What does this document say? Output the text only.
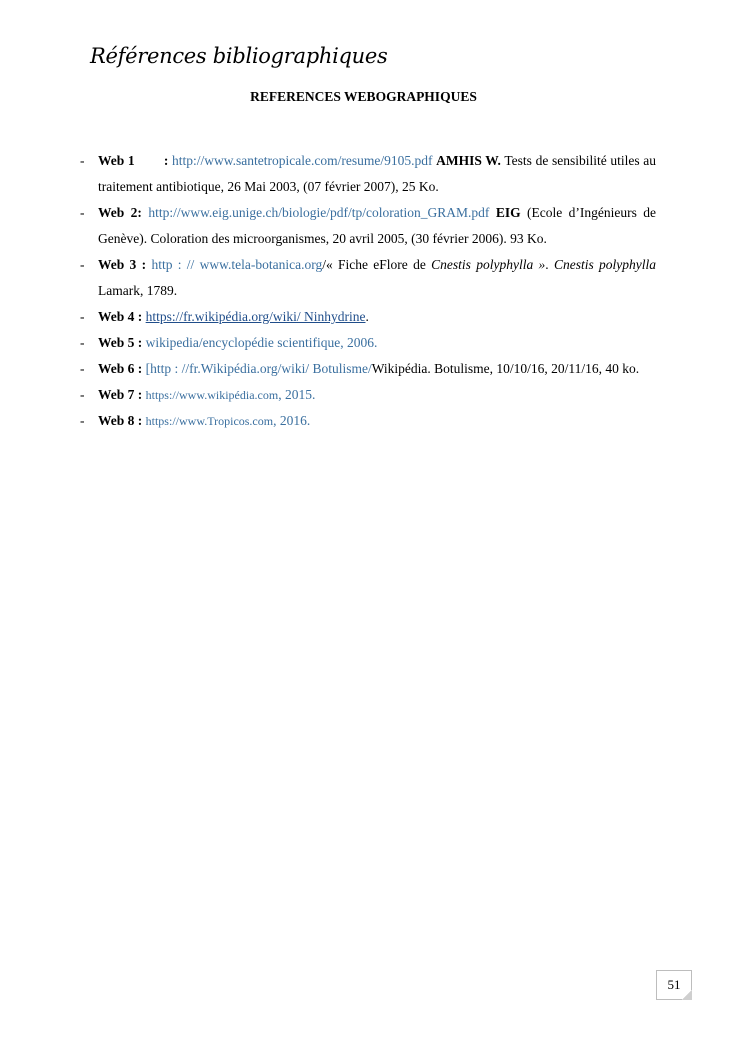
Références bibliographiques
REFERENCES WEBOGRAPHIQUES
- Web 1        : http://www.santetropicale.com/resume/9105.pdf AMHIS W. Tests de sensibilité utiles au traitement antibiotique, 26 Mai 2003, (07 février 2007), 25 Ko.
- Web 2: http://www.eig.unige.ch/biologie/pdf/tp/coloration_GRAM.pdf EIG (Ecole d’Ingénieurs de Genève). Coloration des microorganismes, 20 avril 2005, (30 février 2006). 93 Ko.
- Web 3 : http : // www.tela-botanica.org/« Fiche eFlore de Cnestis polyphylla ». Cnestis polyphylla Lamark, 1789.
- Web 4 : https://fr.wikipédia.org/wiki/ Ninhydrine.
- Web 5 : wikipedia/encyclopédie scientifique, 2006.
- Web 6 : [http : //fr.Wikipédia.org/wiki/ Botulisme/Wikipédia. Botulisme, 10/10/16, 20/11/16, 40 ko.
- Web 7 : https://www.wikipédia.com, 2015.
- Web 8 : https://www.Tropicos.com, 2016.
51
